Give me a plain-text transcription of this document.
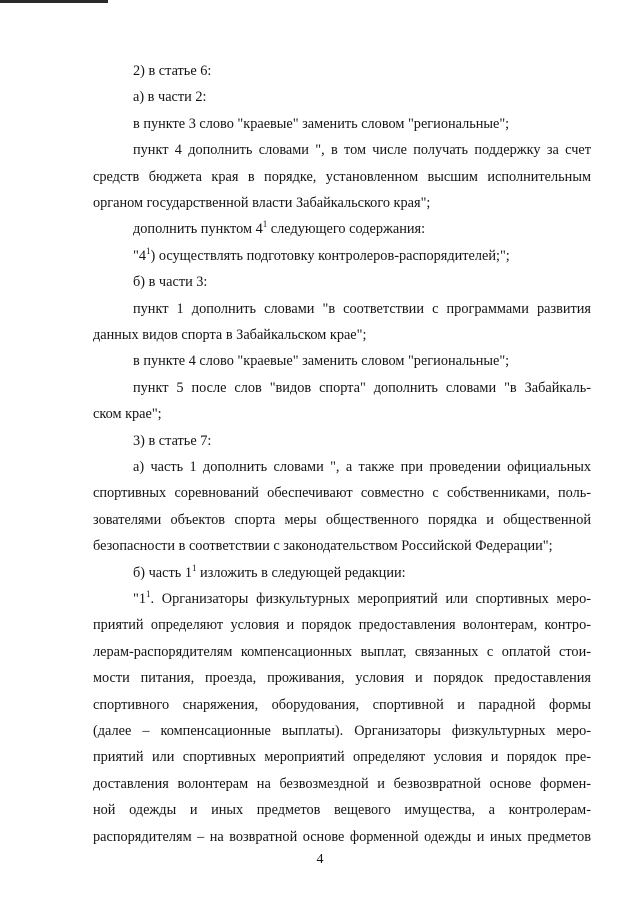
2) в статье 6:
а) в части 2:
в пункте 3 слово "краевые" заменить словом "региональные";
пункт 4 дополнить словами ", в том числе получать поддержку за счет
средств бюджета края в порядке, установленном высшим исполнительным
органом государственной власти Забайкальского края";
дополнить пунктом $4^1$ следующего содержания:
"$4^1$) осуществлять подготовку контролеров-распорядителей;";
б) в части 3:
пункт 1 дополнить словами "в соответствии с программами развития
данных видов спорта в Забайкальском крае";
в пункте 4 слово "краевые" заменить словом "региональные";
пункт 5 после слов "видов спорта" дополнить словами "в Забайкаль-
ском крае";
3) в статье 7:
а) часть 1 дополнить словами ", а также при проведении официальных
спортивных соревнований обеспечивают совместно с собственниками, поль-
зователями объектов спорта меры общественного порядка и общественной
безопасности в соответствии с законодательством Российской Федерации";
б) часть $1^1$ изложить в следующей редакции:
"$1^1$. Организаторы физкультурных мероприятий или спортивных меро-
приятий определяют условия и порядок предоставления волонтерам, контро-
лерам-распорядителям компенсационных выплат, связанных с оплатой стои-
мости питания, проезда, проживания, условия и порядок предоставления
спортивного снаряжения, оборудования, спортивной и парадной формы
(далее – компенсационные выплаты). Организаторы физкультурных меро-
приятий или спортивных мероприятий определяют условия и порядок пре-
доставления волонтерам на безвозмездной и безвозвратной основе формен-
ной одежды и иных предметов вещевого имущества, а контролерам-
распорядителям – на возвратной основе форменной одежды и иных предметов
4
